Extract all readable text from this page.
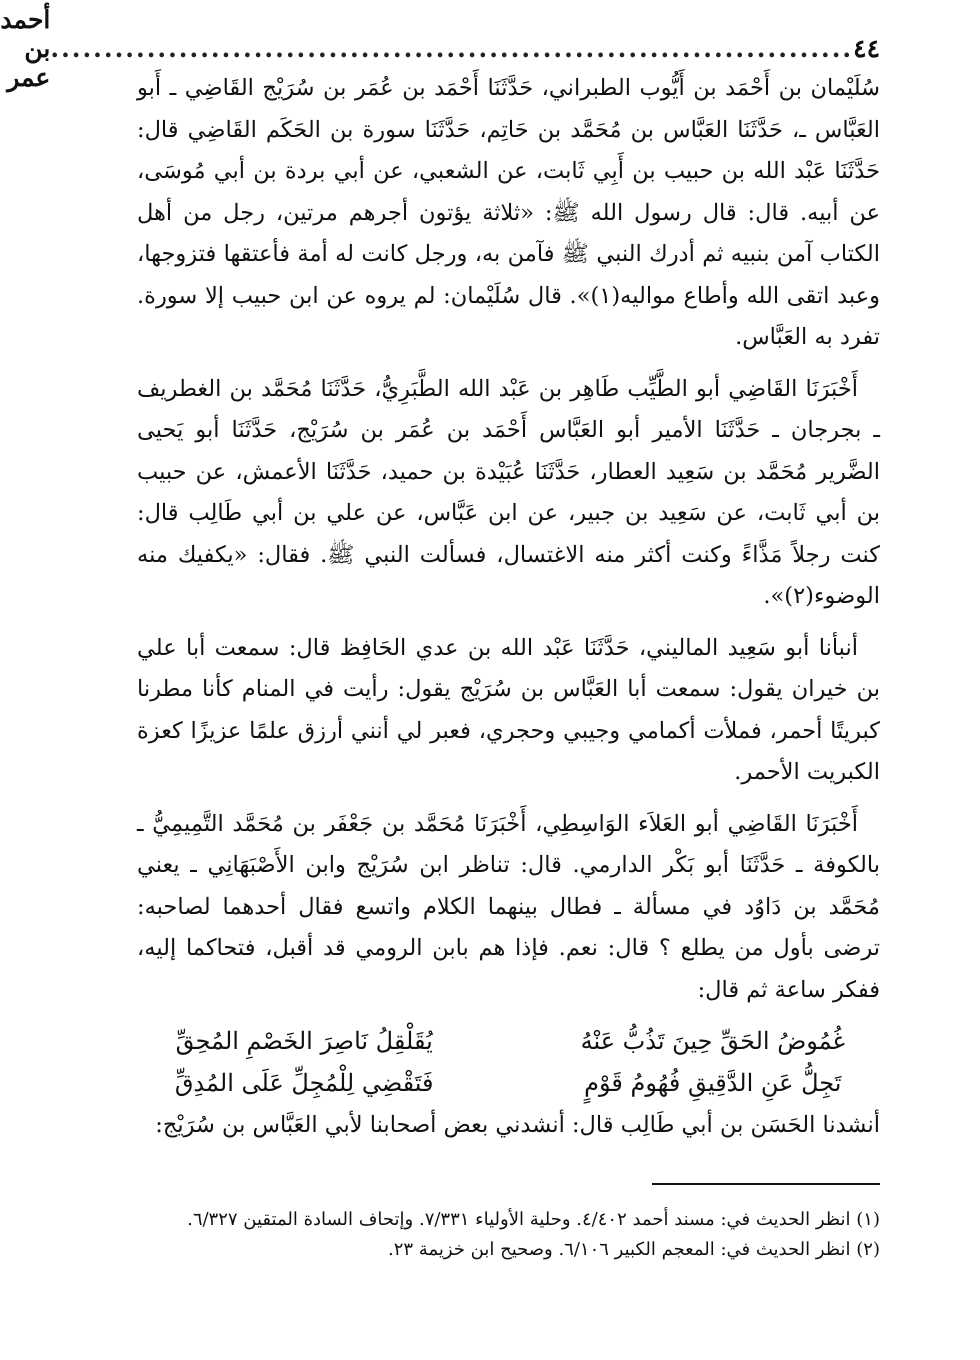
٤٤
...........................................................................
أحمد بن عمر	سُلَيْمان بن أَحْمَد بن أَيُّوب الطبراني، حَدَّثَنَا أَحْمَد بن عُمَر بن سُرَيْج القَاضِي ـ أَبو العَبَّاس ـ، حَدَّثَنَا العَبَّاس بن مُحَمَّد بن حَاتِم، حَدَّثَنَا سورة بن الحَكَم القَاضِي قال: حَدَّثَنَا عَبْد الله بن حبيب بن أَبِي ثَابت، عن الشعبي، عن أبي بردة بن أبي مُوسَى، عن أبيه. قال: قال رسول الله ﷺ: «ثلاثة يؤتون أجرهم مرتين، رجل من أهل الكتاب آمن بنبيه ثم أدرك النبي ﷺ فآمن به، ورجل كانت له أمة فأعتقها فتزوجها، وعبد اتقى الله وأطاع مواليه(١)». قال سُلَيْمان: لم يروه عن ابن حبيب إلا سورة. تفرد به العَبَّاس.

أَخْبَرَنَا القَاضِي أبو الطَّيِّب طَاهِر بن عَبْد الله الطَّبَرِيُّ، حَدَّثَنَا مُحَمَّد بن الغطريف ـ بجرجان ـ حَدَّثَنَا الأمير أبو العَبَّاس أَحْمَد بن عُمَر بن سُرَيْج، حَدَّثَنَا أبو يَحيى الضَّرير مُحَمَّد بن سَعِيد العطار، حَدَّثَنَا عُبَيْدة بن حميد، حَدَّثَنَا الأعمش، عن حبيب بن أبي ثَابت، عن سَعِيد بن جبير، عن ابن عَبَّاس، عن علي بن أبي طَالِب قال: كنت رجلاً مَذَّاءً وكنت أكثر منه الاغتسال، فسألت النبي ﷺ. فقال: «يكفيك منه الوضوء(٢)».

أنبأنا أبو سَعِيد الماليني، حَدَّثَنَا عَبْد الله بن عدي الحَافِظ قال: سمعت أبا علي بن خيران يقول: سمعت أبا العَبَّاس بن سُرَيْج يقول: رأيت في المنام كأنا مطرنا كبريتًا أحمر، فملأت أكمامي وجيبي وحجري، فعبر لي أنني أرزق علمًا عزيزًا كعزة الكبريت الأحمر.

أَخْبَرَنَا القَاضِي أبو العَلاَء الوَاسِطِي، أَخْبَرَنَا مُحَمَّد بن جَعْفَر بن مُحَمَّد التَّمِيمِيُّ ـ بالكوفة ـ حَدَّثَنَا أبو بَكْر الدارمي. قال: تناظر ابن سُرَيْج وابن الأَصْبَهَانِي ـ يعني مُحَمَّد بن دَاوُد في مسألة ـ فطال بينهما الكلام واتسع فقال أحدهما لصاحبه: ترضى بأول من يطلع ؟ قال: نعم. فإذا هم بابن الرومي قد أقبل، فتحاكما إليه، ففكر ساعة ثم قال:

غُمُوضُ الحَقِّ حِينَ تَذُبُّ عَنْهُ
يُقَلْقِلُ نَاصِرَ الخَصْمِ المُحِقِّ
تَجِلُّ عَنِ الدَّقِيقِ فُهُومُ قَوْمٍ
فَتَقْضِي لِلْمُجِلِّ عَلَى المُدِقِّ

أنشدنا الحَسَن بن أبي طَالِب قال: أنشدني بعض أصحابنا لأبي العَبَّاس بن سُرَيْج:

(١) انظر الحديث في: مسند أحمد ٤/٤٠٢. وحلية الأولياء ٧/٣٣١. وإتحاف السادة المتقين ٦/٣٢٧.
(٢) انظر الحديث في: المعجم الكبير ٦/١٠٦. وصحيح ابن خزيمة ٢٣.
